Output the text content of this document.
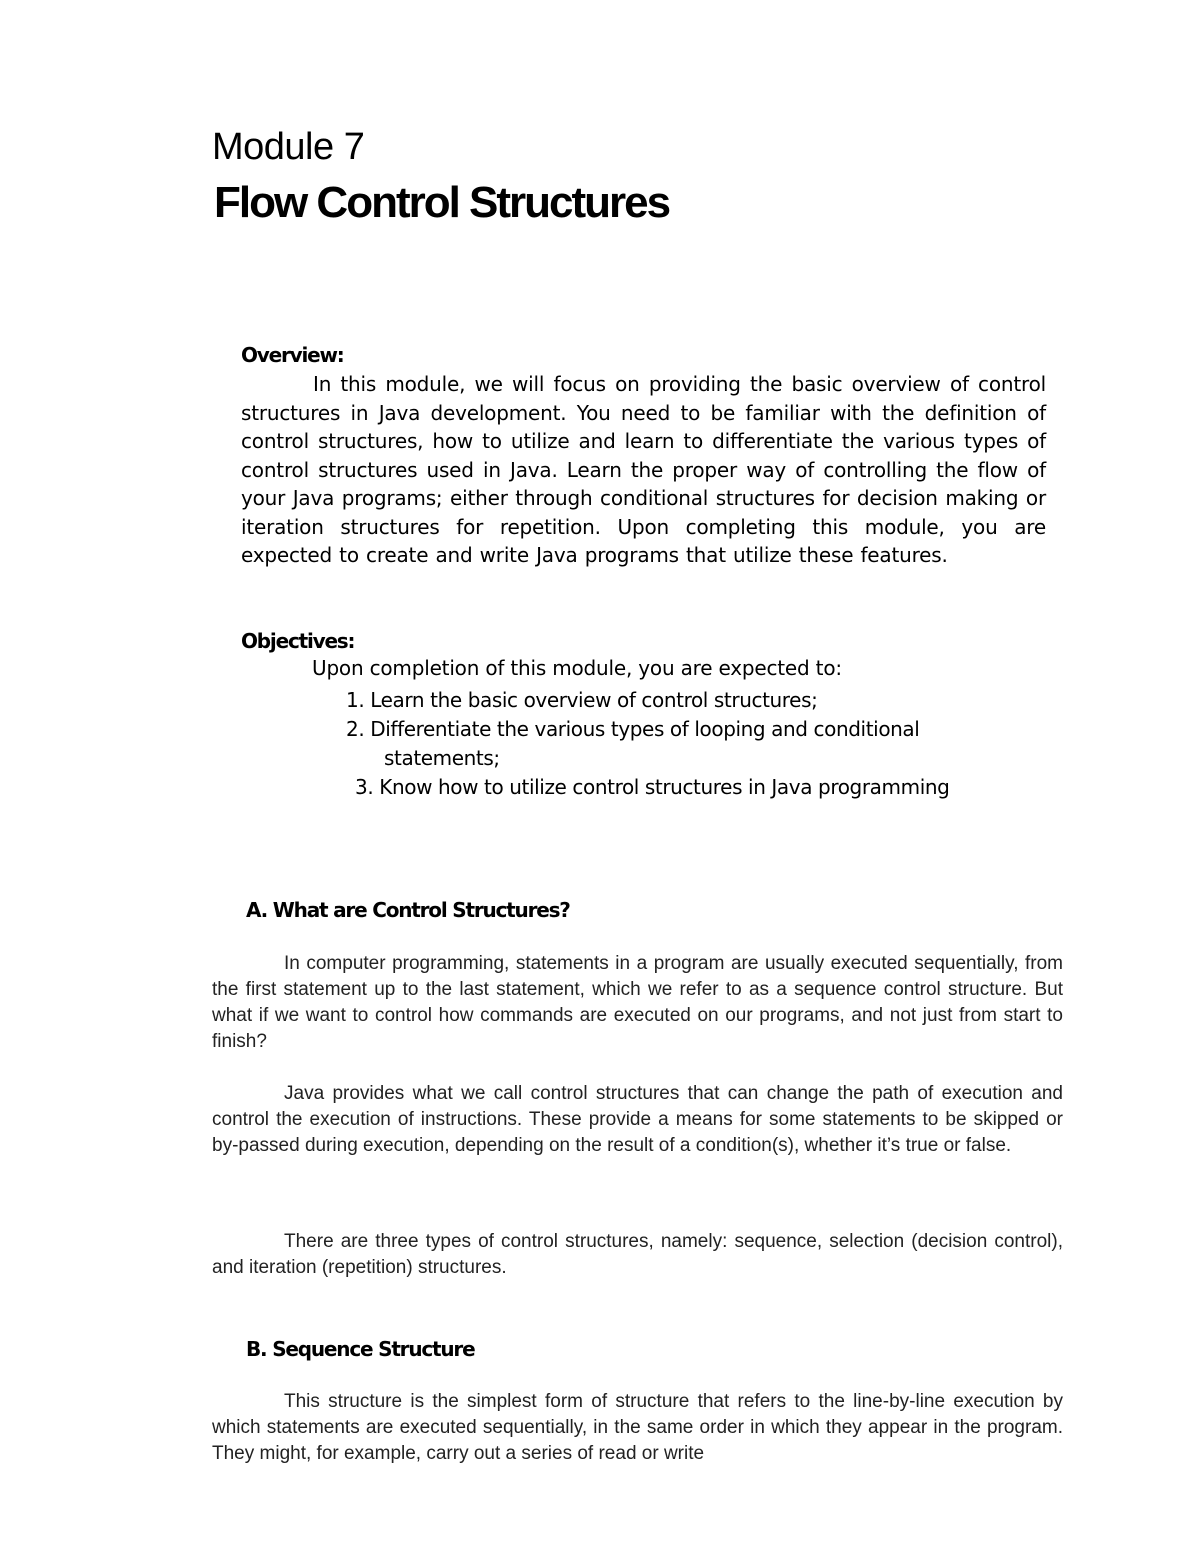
Module 7
Flow Control Structures
Overview:
In this module, we will focus on providing the basic overview of control structures in Java development. You need to be familiar with the definition of control structures, how to utilize and learn to differentiate the various types of control structures used in Java. Learn the proper way of controlling the flow of your Java programs; either through conditional structures for decision making or iteration structures for repetition. Upon completing this module, you are expected to create and write Java programs that utilize these features.
Objectives:
Upon completion of this module, you are expected to:
1. Learn the basic overview of control structures;
2. Differentiate the various types of looping and conditional
statements;
3. Know how to utilize control structures in Java programming
A. What are Control Structures?
In computer programming, statements in a program are usually executed sequentially, from the first statement up to the last statement, which we refer to as a sequence control structure. But what if we want to control how commands are executed on our programs, and not just from start to finish?
Java provides what we call control structures that can change the path of execution and control the execution of instructions. These provide a means for some statements to be skipped or by-passed during execution, depending on the result of a condition(s), whether it’s true or false.
There are three types of control structures, namely: sequence, selection (decision control), and iteration (repetition) structures.
B. Sequence Structure
This structure is the simplest form of structure that refers to the line-by-line execution by which statements are executed sequentially, in the same order in which they appear in the program. They might, for example, carry out a series of read or write
